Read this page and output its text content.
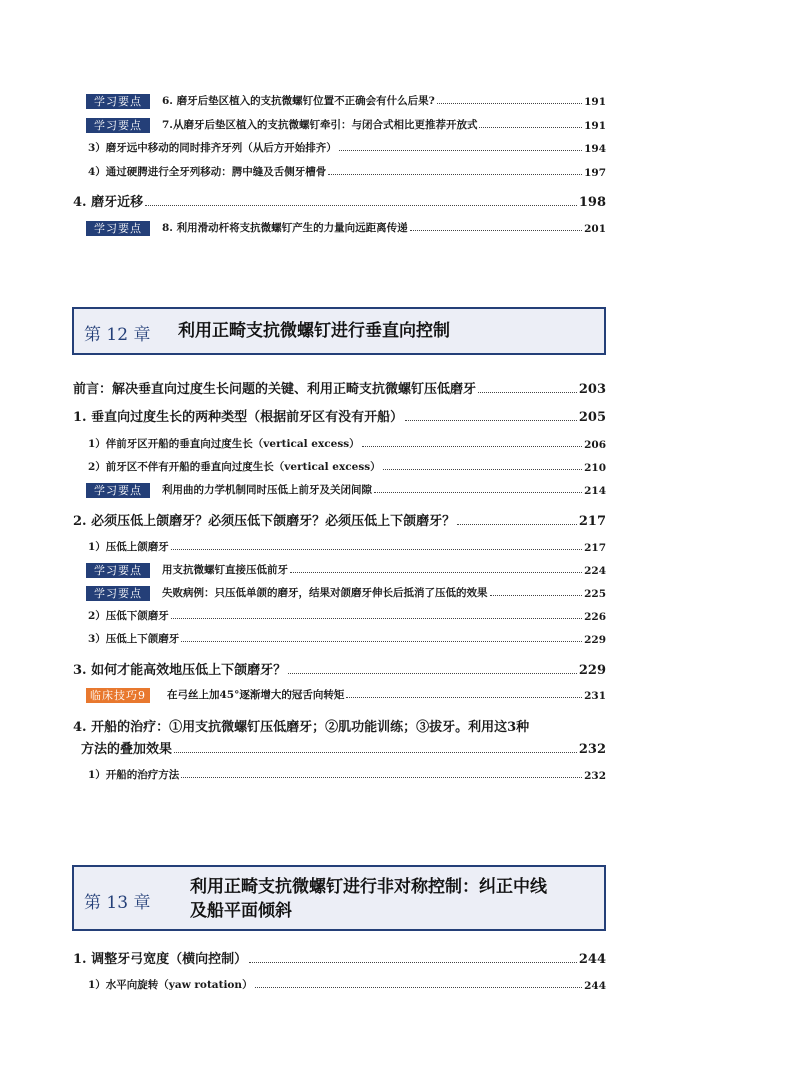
学习要点	6. 磨牙后垫区植入的支抗微螺钉位置不正确会有什么后果?	191
学习要点	7.从磨牙后垫区植入的支抗微螺钉牵引：与闭合式相比更推荐开放式	191
3）磨牙远中移动的同时排齐牙列（从后方开始排齐）	194
4）通过硬腭进行全牙列移动：腭中缝及舌侧牙槽骨	197
4. 磨牙近移	198
学习要点	8. 利用滑动杆将支抗微螺钉产生的力量向远距离传递	201
第 12 章 利用正畸支抗微螺钉进行垂直向控制
前言：解决垂直向过度生长问题的关键、利用正畸支抗微螺钉压低磨牙	203
1. 垂直向过度生长的两种类型（根据前牙区有没有开船）	205
1）伴前牙区开船的垂直向过度生长（vertical excess）	206
2）前牙区不伴有开船的垂直向过度生长（vertical excess）	210
学习要点	利用曲的力学机制同时压低上前牙及关闭间隙	214
2. 必须压低上颌磨牙？必须压低下颌磨牙？必须压低上下颌磨牙？	217
1）压低上颌磨牙	217
学习要点	用支抗微螺钉直接压低前牙	224
学习要点	失败病例：只压低单颌的磨牙，结果对颌磨牙伸长后抵消了压低的效果	225
2）压低下颌磨牙	226
3）压低上下颌磨牙	229
3. 如何才能高效地压低上下颌磨牙？	229
临床技巧9	在弓丝上加45°逐渐增大的冠舌向转矩	231
4. 开船的治疗：①用支抗微螺钉压低磨牙；②肌功能训练；③拔牙。利用这3种
方法的叠加效果	232
1）开船的治疗方法	232
第 13 章
利用正畸支抗微螺钉进行非对称控制：纠正中线
及船平面倾斜
1. 调整牙弓宽度（横向控制）	244
1）水平向旋转（yaw rotation）	244
